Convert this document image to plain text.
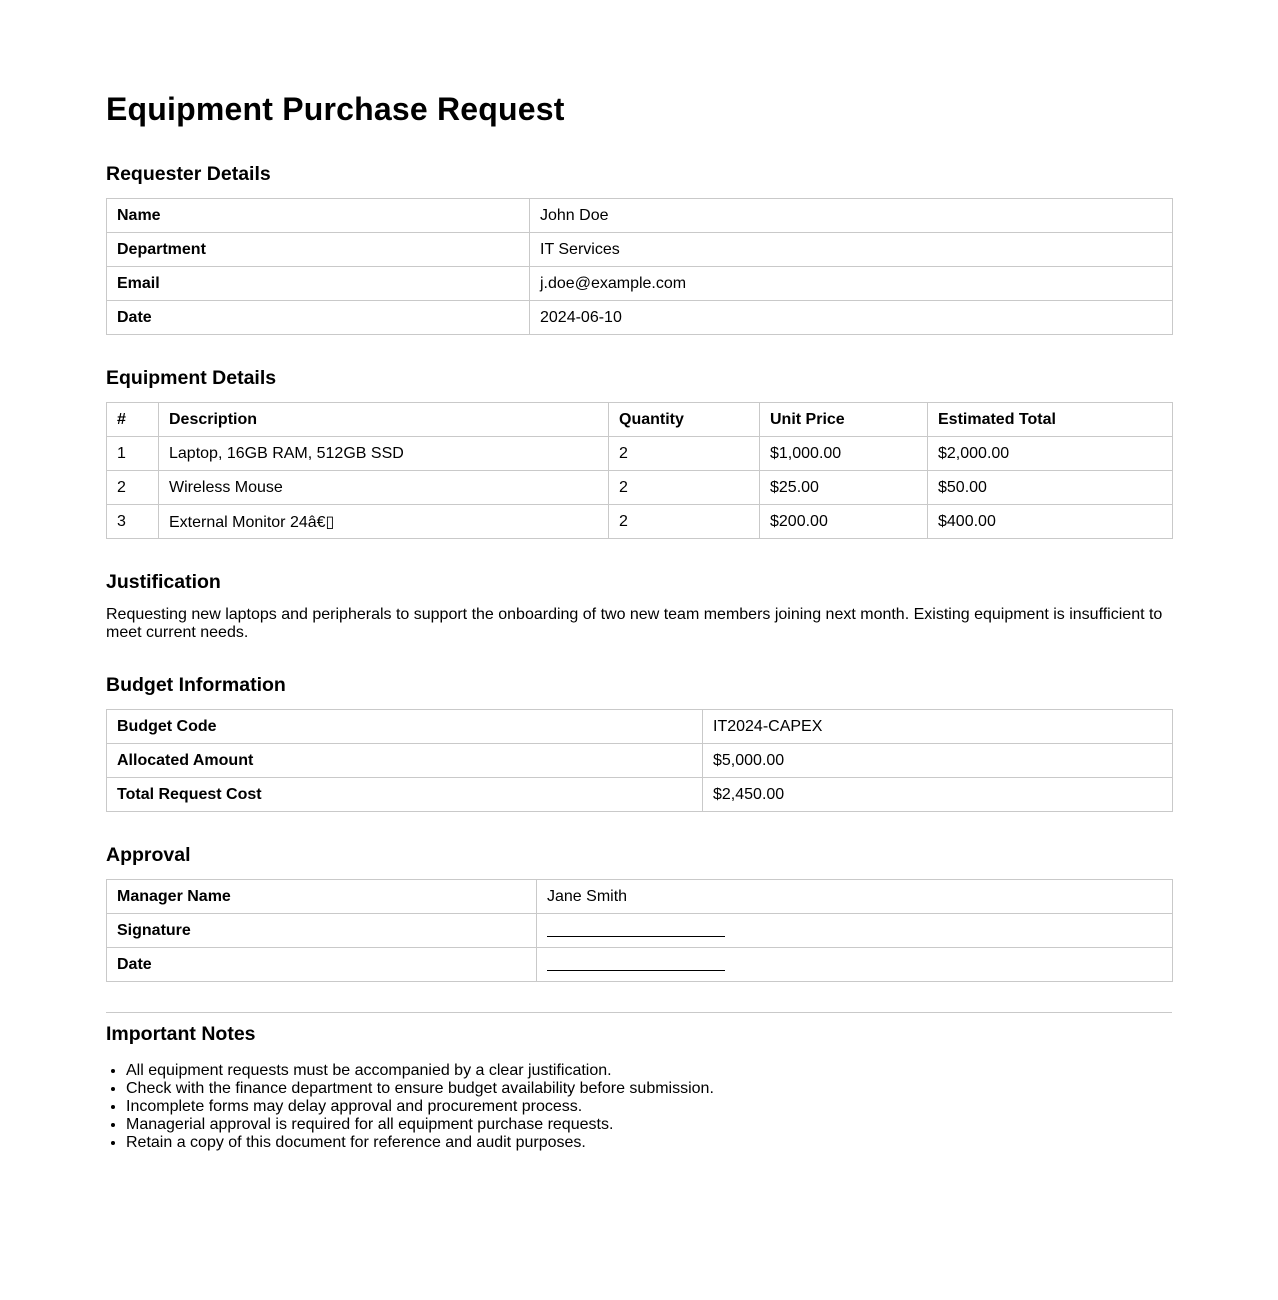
Equipment Purchase Request
Requester Details
Name	John Doe
Department	IT Services
Email	j.doe@example.com
Date	2024-06-10
Equipment Details
#	Description	Quantity	Unit Price	Estimated Total
1	Laptop, 16GB RAM, 512GB SSD	2	$1,000.00	$2,000.00
2	Wireless Mouse	2	$25.00	$50.00
3	External Monitor 24â€▯	2	$200.00	$400.00
Justification

Requesting new laptops and peripherals to support the onboarding of two new team members joining next month. Existing equipment is insufficient to meet current needs.

Budget Information
Budget Code	IT2024-CAPEX
Allocated Amount	$5,000.00
Total Request Cost	$2,450.00
Approval
Manager Name	Jane Smith
Signature	
Date	
Important Notes
• All equipment requests must be accompanied by a clear justification.
• Check with the finance department to ensure budget availability before submission.
• Incomplete forms may delay approval and procurement process.
• Managerial approval is required for all equipment purchase requests.
• Retain a copy of this document for reference and audit purposes.
